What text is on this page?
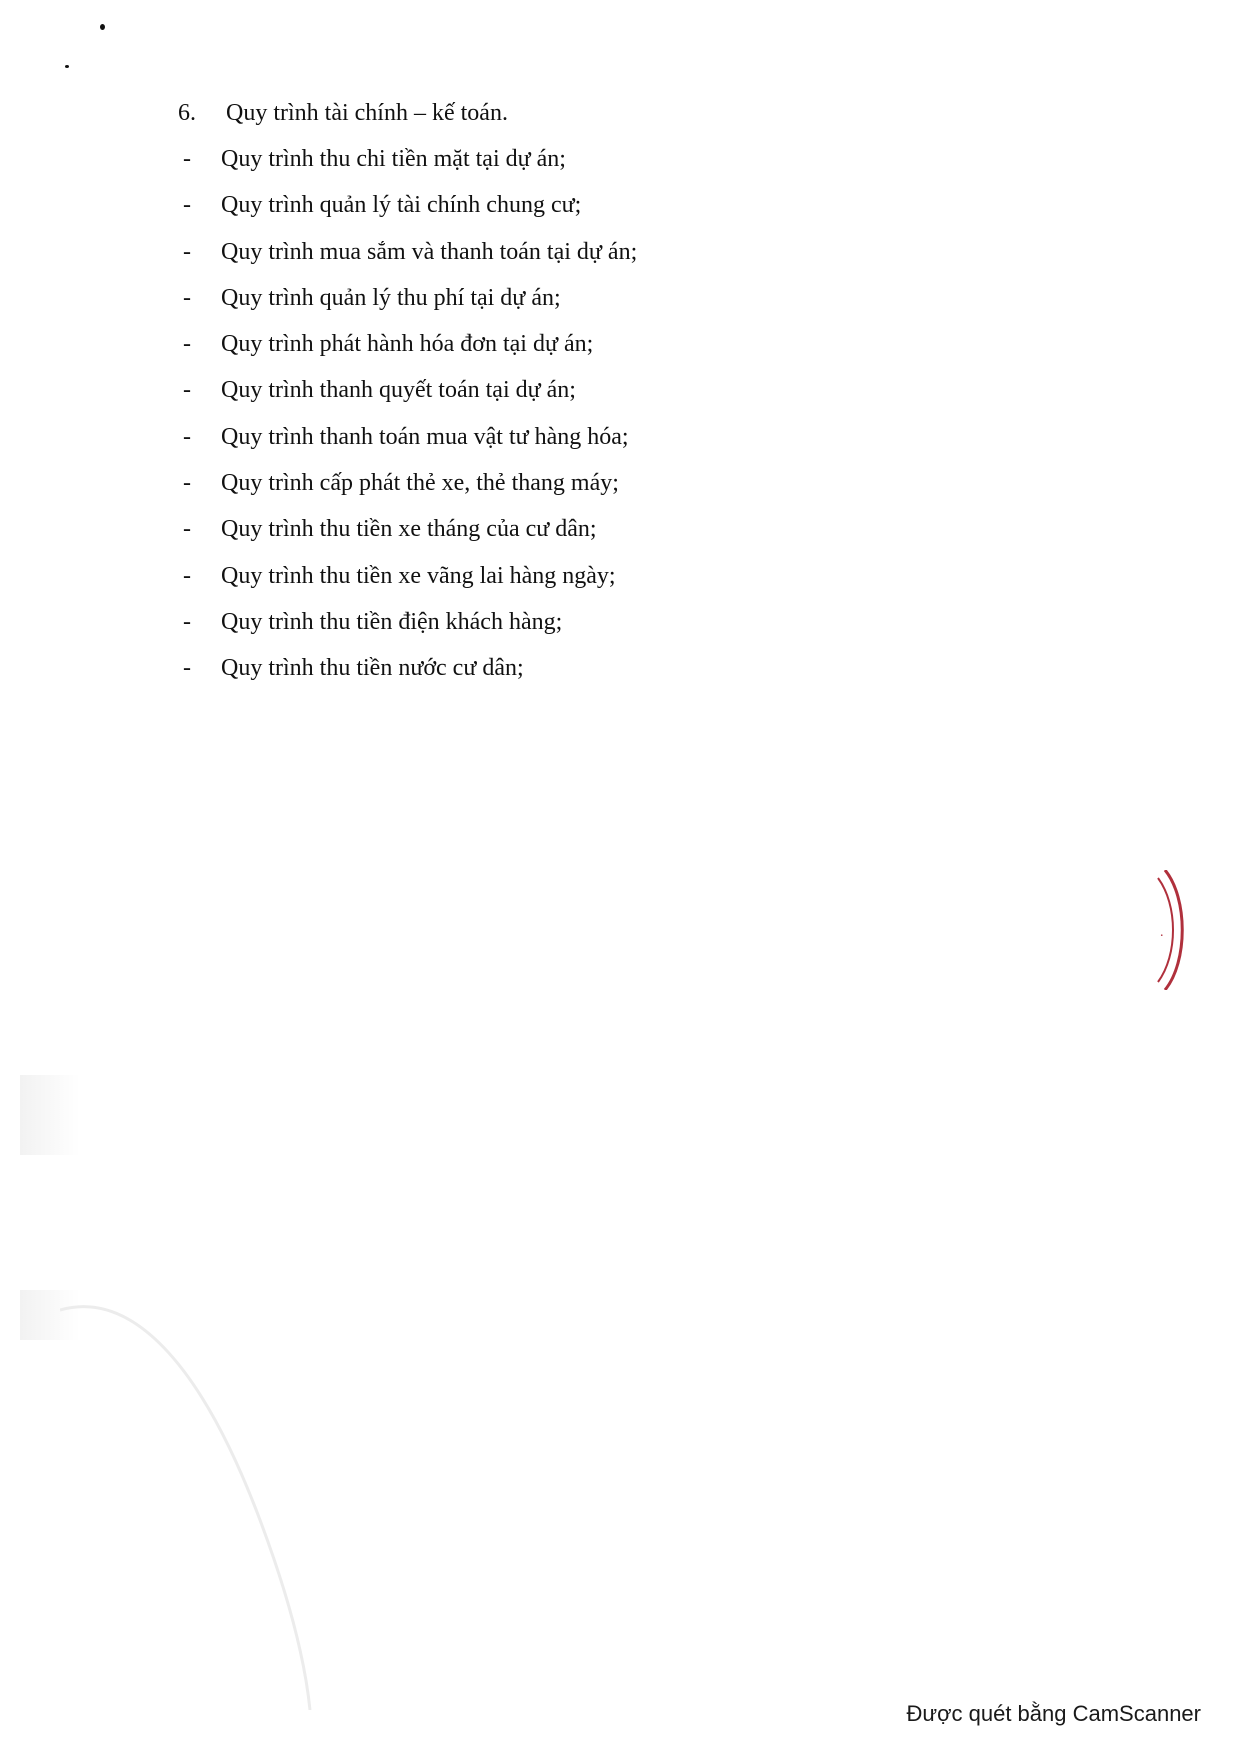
6. Quy trình tài chính – kế toán.
- Quy trình thu chi tiền mặt tại dự án;
- Quy trình quản lý tài chính chung cư;
- Quy trình mua sắm và thanh toán tại dự án;
- Quy trình quản lý thu phí tại dự án;
- Quy trình phát hành hóa đơn tại dự án;
- Quy trình thanh quyết toán tại dự án;
- Quy trình thanh toán mua vật tư hàng hóa;
- Quy trình cấp phát thẻ xe, thẻ thang máy;
- Quy trình thu tiền xe tháng của cư dân;
- Quy trình thu tiền xe vãng lai hàng ngày;
- Quy trình thu tiền điện khách hàng;
- Quy trình thu tiền nước cư dân;
.
Được quét bằng CamScanner
